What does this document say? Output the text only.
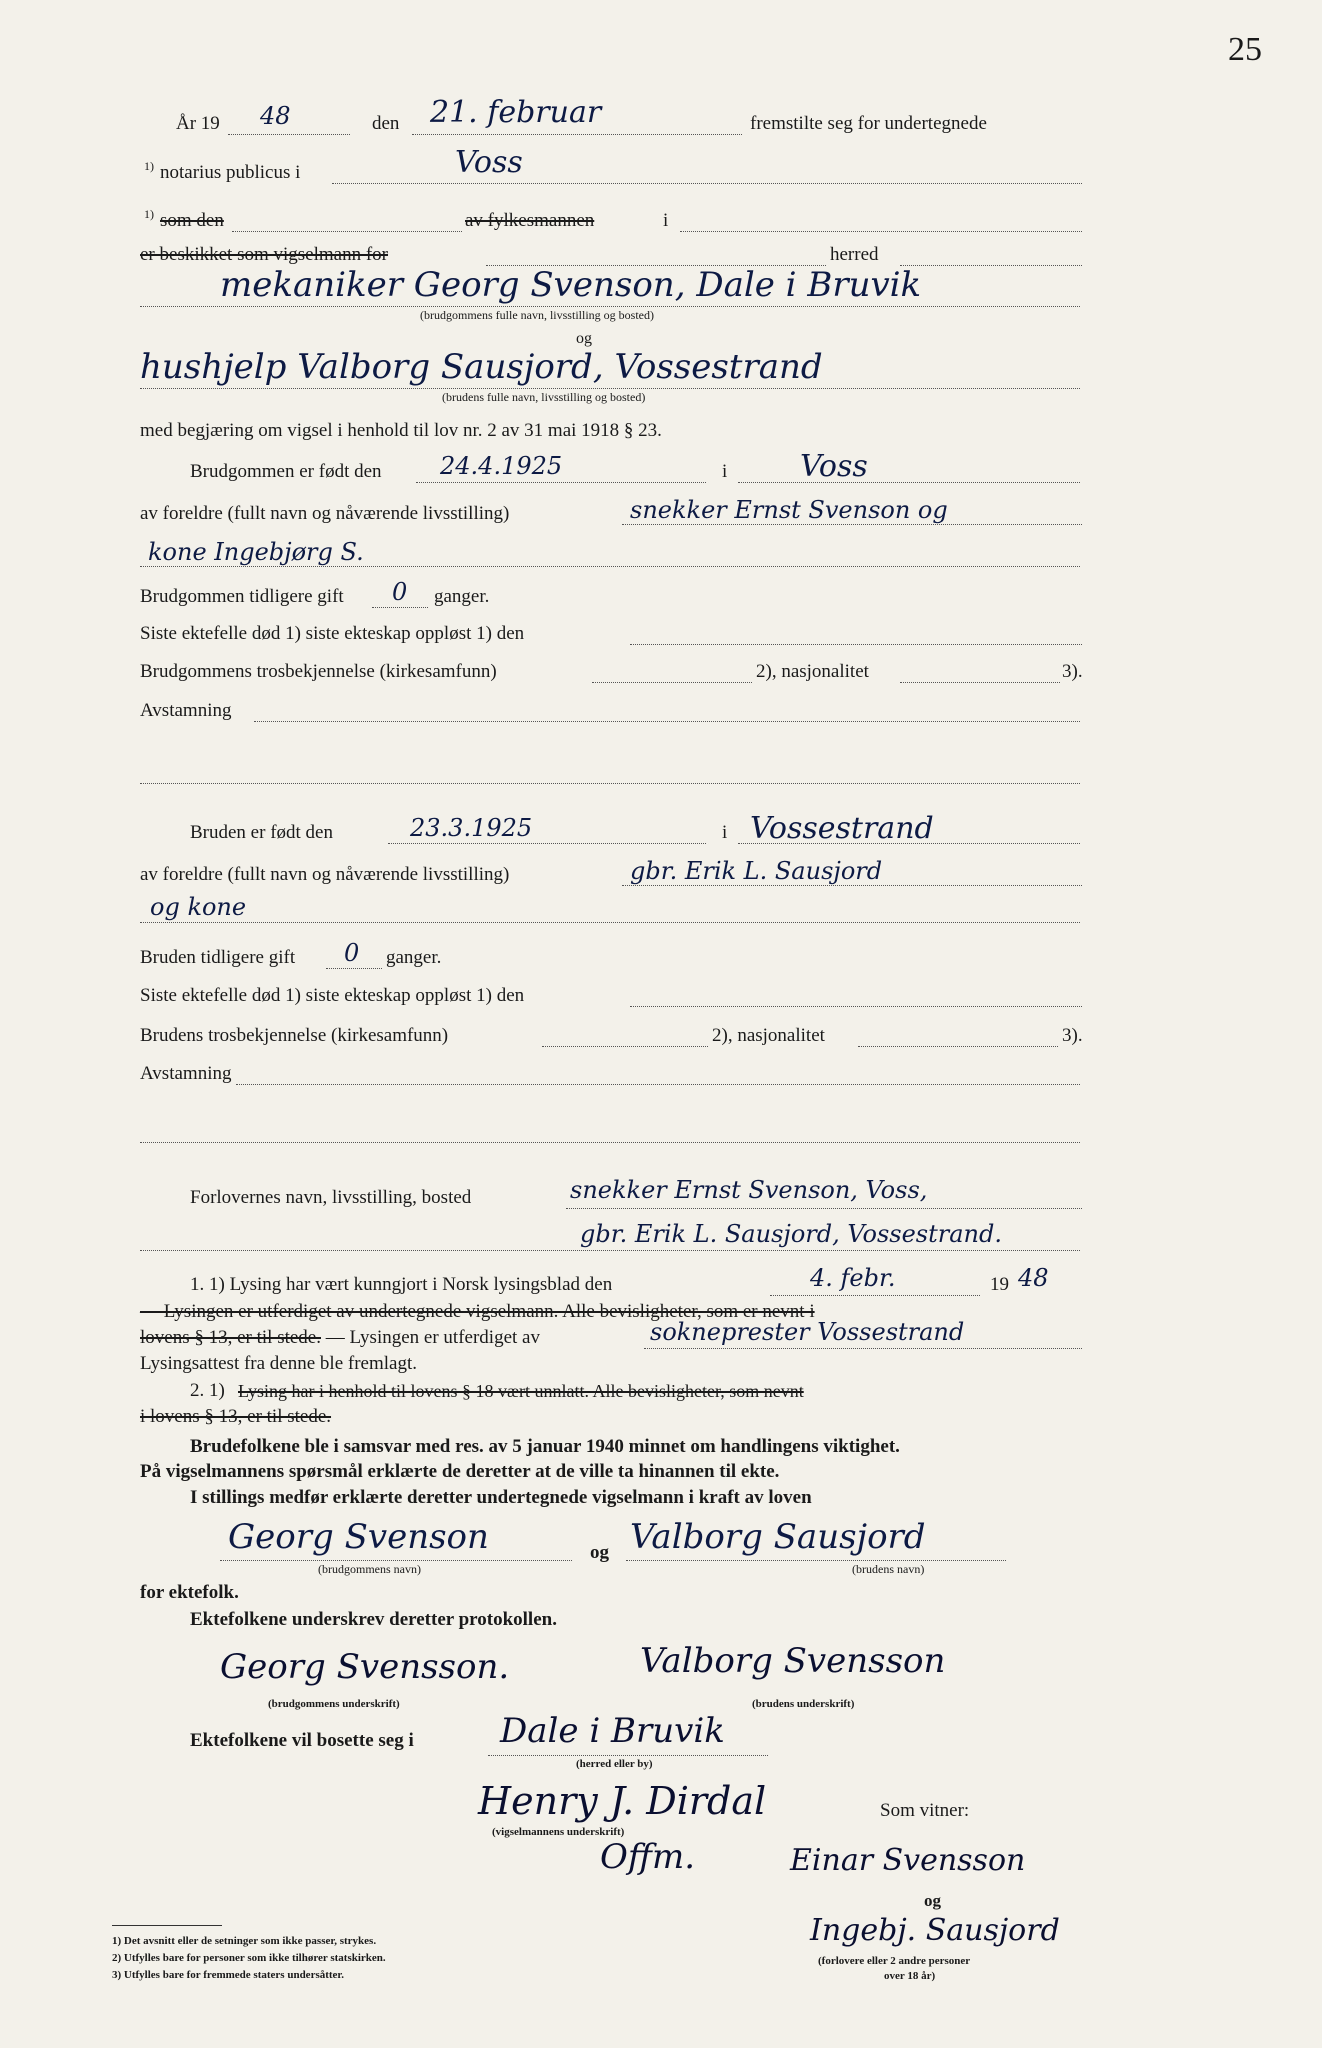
25
År 19 48	den 21. februar	fremstilte seg for undertegnede
1) notarius publicus i	Voss
1) som den	av fylkesmannen	i
er beskikket som vigselmann for	herred
mekaniker Georg Svenson, Dale i Bruvik
(brudgommens fulle navn, livsstilling og bosted)
og
hushjelp Valborg Sausjord, Vossestrand
(brudens fulle navn, livsstilling og bosted)
med begjæring om vigsel i henhold til lov nr. 2 av 31 mai 1918 § 23.
Brudgommen er født den 24.4.1925	i Voss
av foreldre (fullt navn og nåværende livsstilling)	snekker Ernst Svenson og
kone Ingebjørg S.
Brudgommen tidligere gift 0 ganger.
Siste ektefelle død 1) siste ekteskap oppløst 1) den
Brudgommens trosbekjennelse (kirkesamfunn)	2), nasjonalitet	3).
Avstamning
Bruden er født den	23.3.1925	i Vossestrand
av foreldre (fullt navn og nåværende livsstilling)	gbr. Erik L. Sausjord
og kone
Bruden tidligere gift 0 ganger.
Siste ektefelle død 1) siste ekteskap oppløst 1) den
Brudens trosbekjennelse (kirkesamfunn)	2), nasjonalitet	3).
Avstamning
Forlovernes navn, livsstilling, bosted	snekker Ernst Svenson, Voss,
gbr. Erik L. Sausjord, Vossestrand.
1. 1) Lysing har vært kunngjort i Norsk lysingsblad den	4. febr.	19 48
— Lysingen er utferdiget av undertegnede vigselmann. Alle bevisligheter, som er nevnt i
lovens § 13, er til stede. — Lysingen er utferdiget av	sokneprester Vossestrand
Lysingsattest fra denne ble fremlagt.
2. 1) Lysing har i henhold til lovens § 18 vært unnlatt. Alle bevisligheter, som nevnt
i lovens § 13, er til stede.
Brudefolkene ble i samsvar med res. av 5 januar 1940 minnet om handlingens viktighet.
På vigselmannens spørsmål erklærte de deretter at de ville ta hinannen til ekte.
I stillings medfør erklærte deretter undertegnede vigselmann i kraft av loven
Georg Svenson
(brudgommens navn)
og Valborg Sausjord
(brudens navn)
for ektefolk.
Ektefolkene underskrev deretter protokollen.
Georg Svensson.
(brudgommens underskrift)
Valborg Svensson
(brudens underskrift)
Ektefolkene vil bosette seg i	Dale i Bruvik
(herred eller by)
Henry J. Dirdal
Offm.
(vigselmannens underskrift)
Som vitner:
Einar Svensson
og
Ingebj. Sausjord
(forlovere eller 2 andre personer
over 18 år)
1) Det avsnitt eller de setninger som ikke passer, strykes.
2) Utfylles bare for personer som ikke tilhører statskirken.
3) Utfylles bare for fremmede staters undersåtter.
